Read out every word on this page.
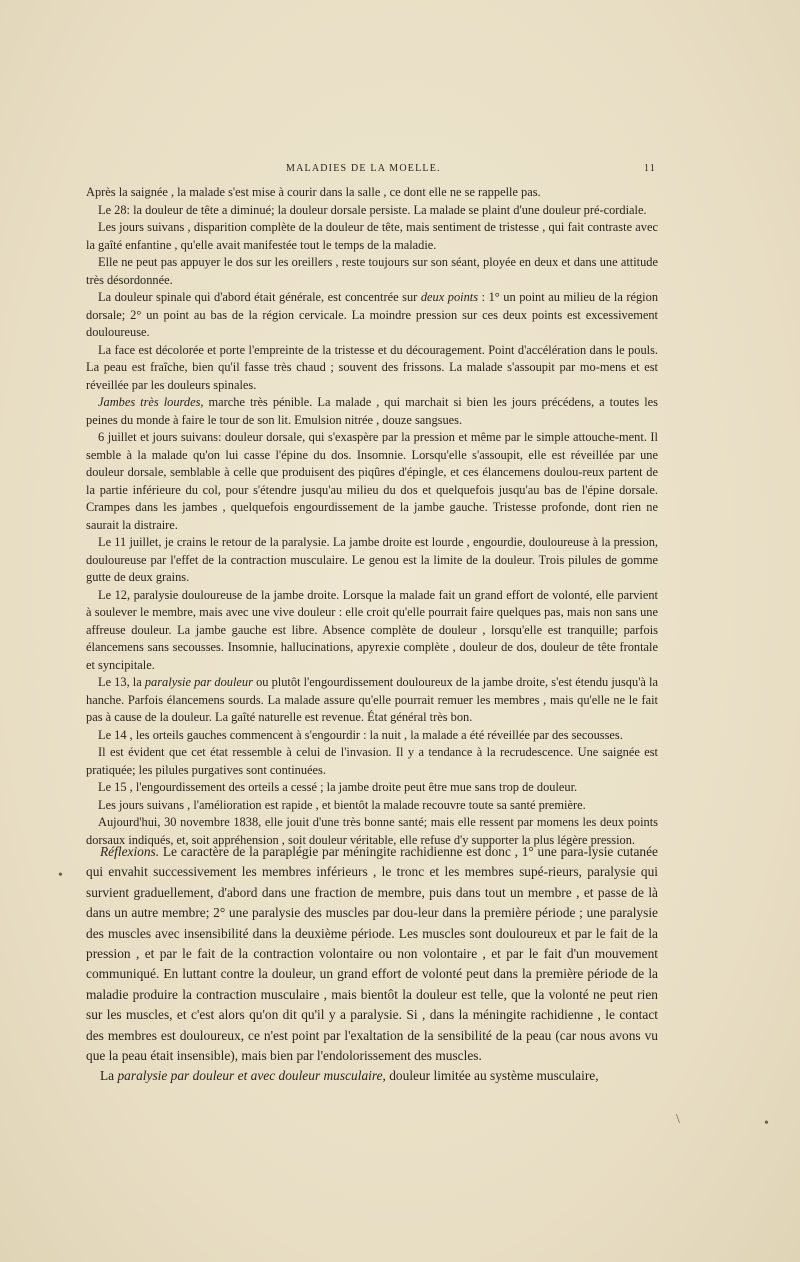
MALADIES DE LA MOELLE.	11

Après la saignée , la malade s'est mise à courir dans la salle , ce dont elle ne se rappelle pas.

Le 28: la douleur de tête a diminué; la douleur dorsale persiste. La malade se plaint d'une douleur pré-cordiale.

Les jours suivans , disparition complète de la douleur de tête, mais sentiment de tristesse , qui fait contraste avec la gaîté enfantine , qu'elle avait manifestée tout le temps de la maladie.

Elle ne peut pas appuyer le dos sur les oreillers , reste toujours sur son séant, ployée en deux et dans une attitude très désordonnée.

La douleur spinale qui d'abord était générale, est concentrée sur deux points : 1° un point au milieu de la région dorsale; 2° un point au bas de la région cervicale. La moindre pression sur ces deux points est excessivement douloureuse.

La face est décolorée et porte l'empreinte de la tristesse et du découragement. Point d'accélération dans le pouls. La peau est fraîche, bien qu'il fasse très chaud ; souvent des frissons. La malade s'assoupit par mo-mens et est réveillée par les douleurs spinales.

Jambes très lourdes, marche très pénible. La malade , qui marchait si bien les jours précédens, a toutes les peines du monde à faire le tour de son lit. Emulsion nitrée , douze sangsues.

6 juillet et jours suivans: douleur dorsale, qui s'exaspère par la pression et même par le simple attouche-ment. Il semble à la malade qu'on lui casse l'épine du dos. Insomnie. Lorsqu'elle s'assoupit, elle est réveillée par une douleur dorsale, semblable à celle que produisent des piqûres d'épingle, et ces élancemens doulou-reux partent de la partie inférieure du col, pour s'étendre jusqu'au milieu du dos et quelquefois jusqu'au bas de l'épine dorsale. Crampes dans les jambes , quelquefois engourdissement de la jambe gauche. Tristesse profonde, dont rien ne saurait la distraire.

Le 11 juillet, je crains le retour de la paralysie. La jambe droite est lourde , engourdie, douloureuse à la pression, douloureuse par l'effet de la contraction musculaire. Le genou est la limite de la douleur. Trois pilules de gomme gutte de deux grains.

Le 12, paralysie douloureuse de la jambe droite. Lorsque la malade fait un grand effort de volonté, elle parvient à soulever le membre, mais avec une vive douleur : elle croit qu'elle pourrait faire quelques pas, mais non sans une affreuse douleur. La jambe gauche est libre. Absence complète de douleur , lorsqu'elle est tranquille; parfois élancemens sans secousses. Insomnie, hallucinations, apyrexie complète , douleur de dos, douleur de tête frontale et syncipitale.

Le 13, la paralysie par douleur ou plutôt l'engourdissement douloureux de la jambe droite, s'est étendu jusqu'à la hanche. Parfois élancemens sourds. La malade assure qu'elle pourrait remuer les membres , mais qu'elle ne le fait pas à cause de la douleur. La gaîté naturelle est revenue. État général très bon.

Le 14 , les orteils gauches commencent à s'engourdir : la nuit , la malade a été réveillée par des secousses.

Il est évident que cet état ressemble à celui de l'invasion. Il y a tendance à la recrudescence. Une saignée est pratiquée; les pilules purgatives sont continuées.

Le 15 , l'engourdissement des orteils a cessé ; la jambe droite peut être mue sans trop de douleur.

Les jours suivans , l'amélioration est rapide , et bientôt la malade recouvre toute sa santé première.

Aujourd'hui, 30 novembre 1838, elle jouit d'une très bonne santé; mais elle ressent par momens les deux points dorsaux indiqués, et, soit appréhension , soit douleur véritable, elle refuse d'y supporter la plus légère pression.

Réflexions. Le caractère de la paraplégie par méningite rachidienne est donc , 1° une para-lysie cutanée qui envahit successivement les membres inférieurs , le tronc et les membres supé-rieurs, paralysie qui survient graduellement, d'abord dans une fraction de membre, puis dans tout un membre , et passe de là dans un autre membre; 2° une paralysie des muscles par dou-leur dans la première période ; une paralysie des muscles avec insensibilité dans la deuxième période. Les muscles sont douloureux et par le fait de la pression , et par le fait de la contraction volontaire ou non volontaire , et par le fait d'un mouvement communiqué. En luttant contre la douleur, un grand effort de volonté peut dans la première période de la maladie produire la contraction musculaire , mais bientôt la douleur est telle, que la volonté ne peut rien sur les muscles, et c'est alors qu'on dit qu'il y a paralysie. Si , dans la méningite rachidienne , le contact des membres est douloureux, ce n'est point par l'exaltation de la sensibilité de la peau (car nous avons vu que la peau était insensible), mais bien par l'endolorissement des muscles.

La paralysie par douleur et avec douleur musculaire, douleur limitée au système musculaire,

•
\	•
